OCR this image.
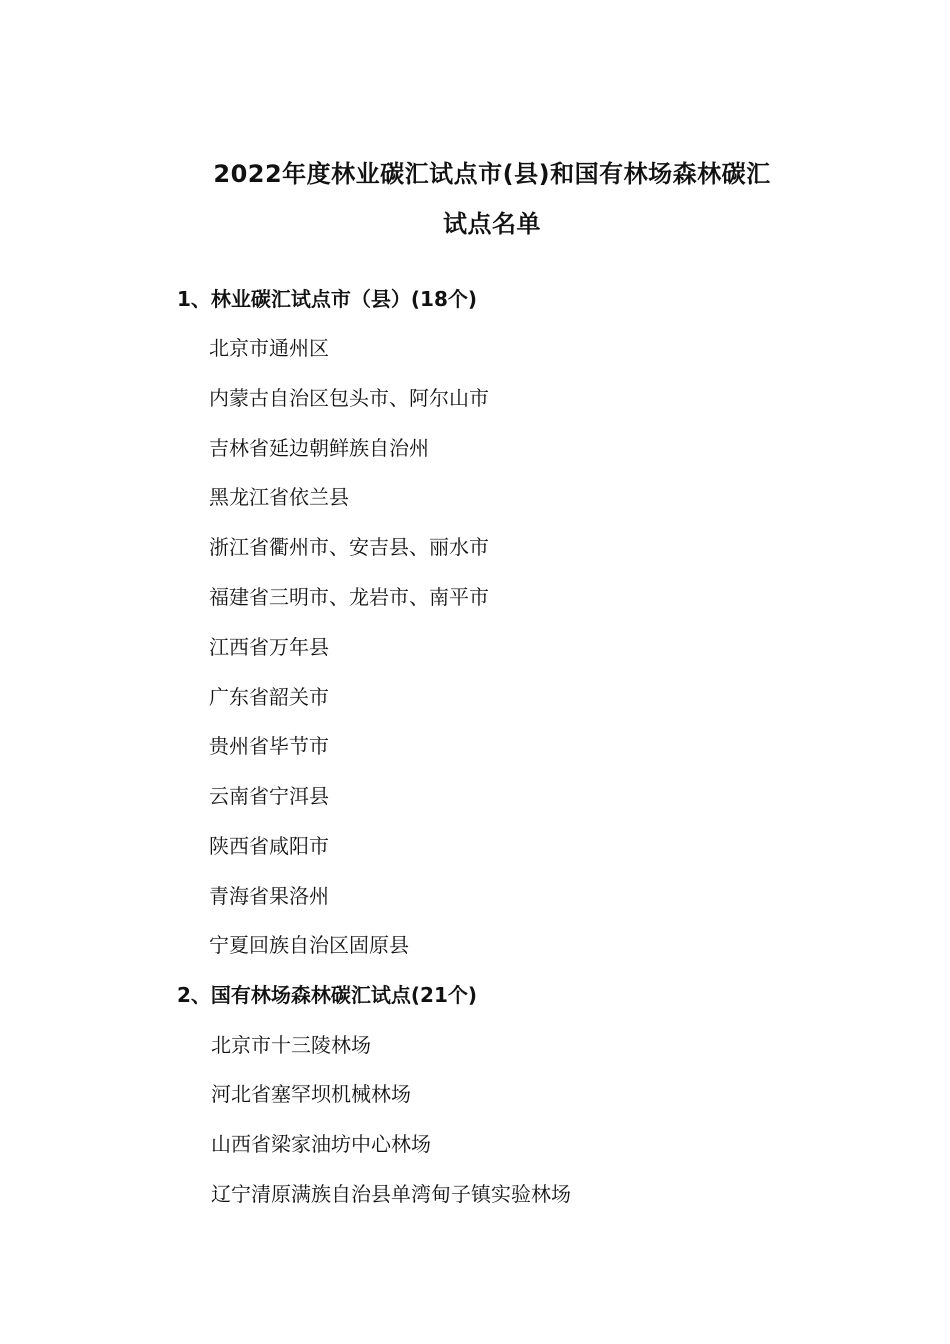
2022年度林业碳汇试点市(县)和国有林场森林碳汇
试点名单
1、林业碳汇试点市（县）(18个)
北京市通州区
内蒙古自治区包头市、阿尔山市
吉林省延边朝鲜族自治州
黑龙江省依兰县
浙江省衢州市、安吉县、丽水市
福建省三明市、龙岩市、南平市
江西省万年县
广东省韶关市
贵州省毕节市
云南省宁洱县
陕西省咸阳市
青海省果洛州
宁夏回族自治区固原县
2、国有林场森林碳汇试点(21个)
北京市十三陵林场
河北省塞罕坝机械林场
山西省梁家油坊中心林场
辽宁清原满族自治县单湾甸子镇实验林场
